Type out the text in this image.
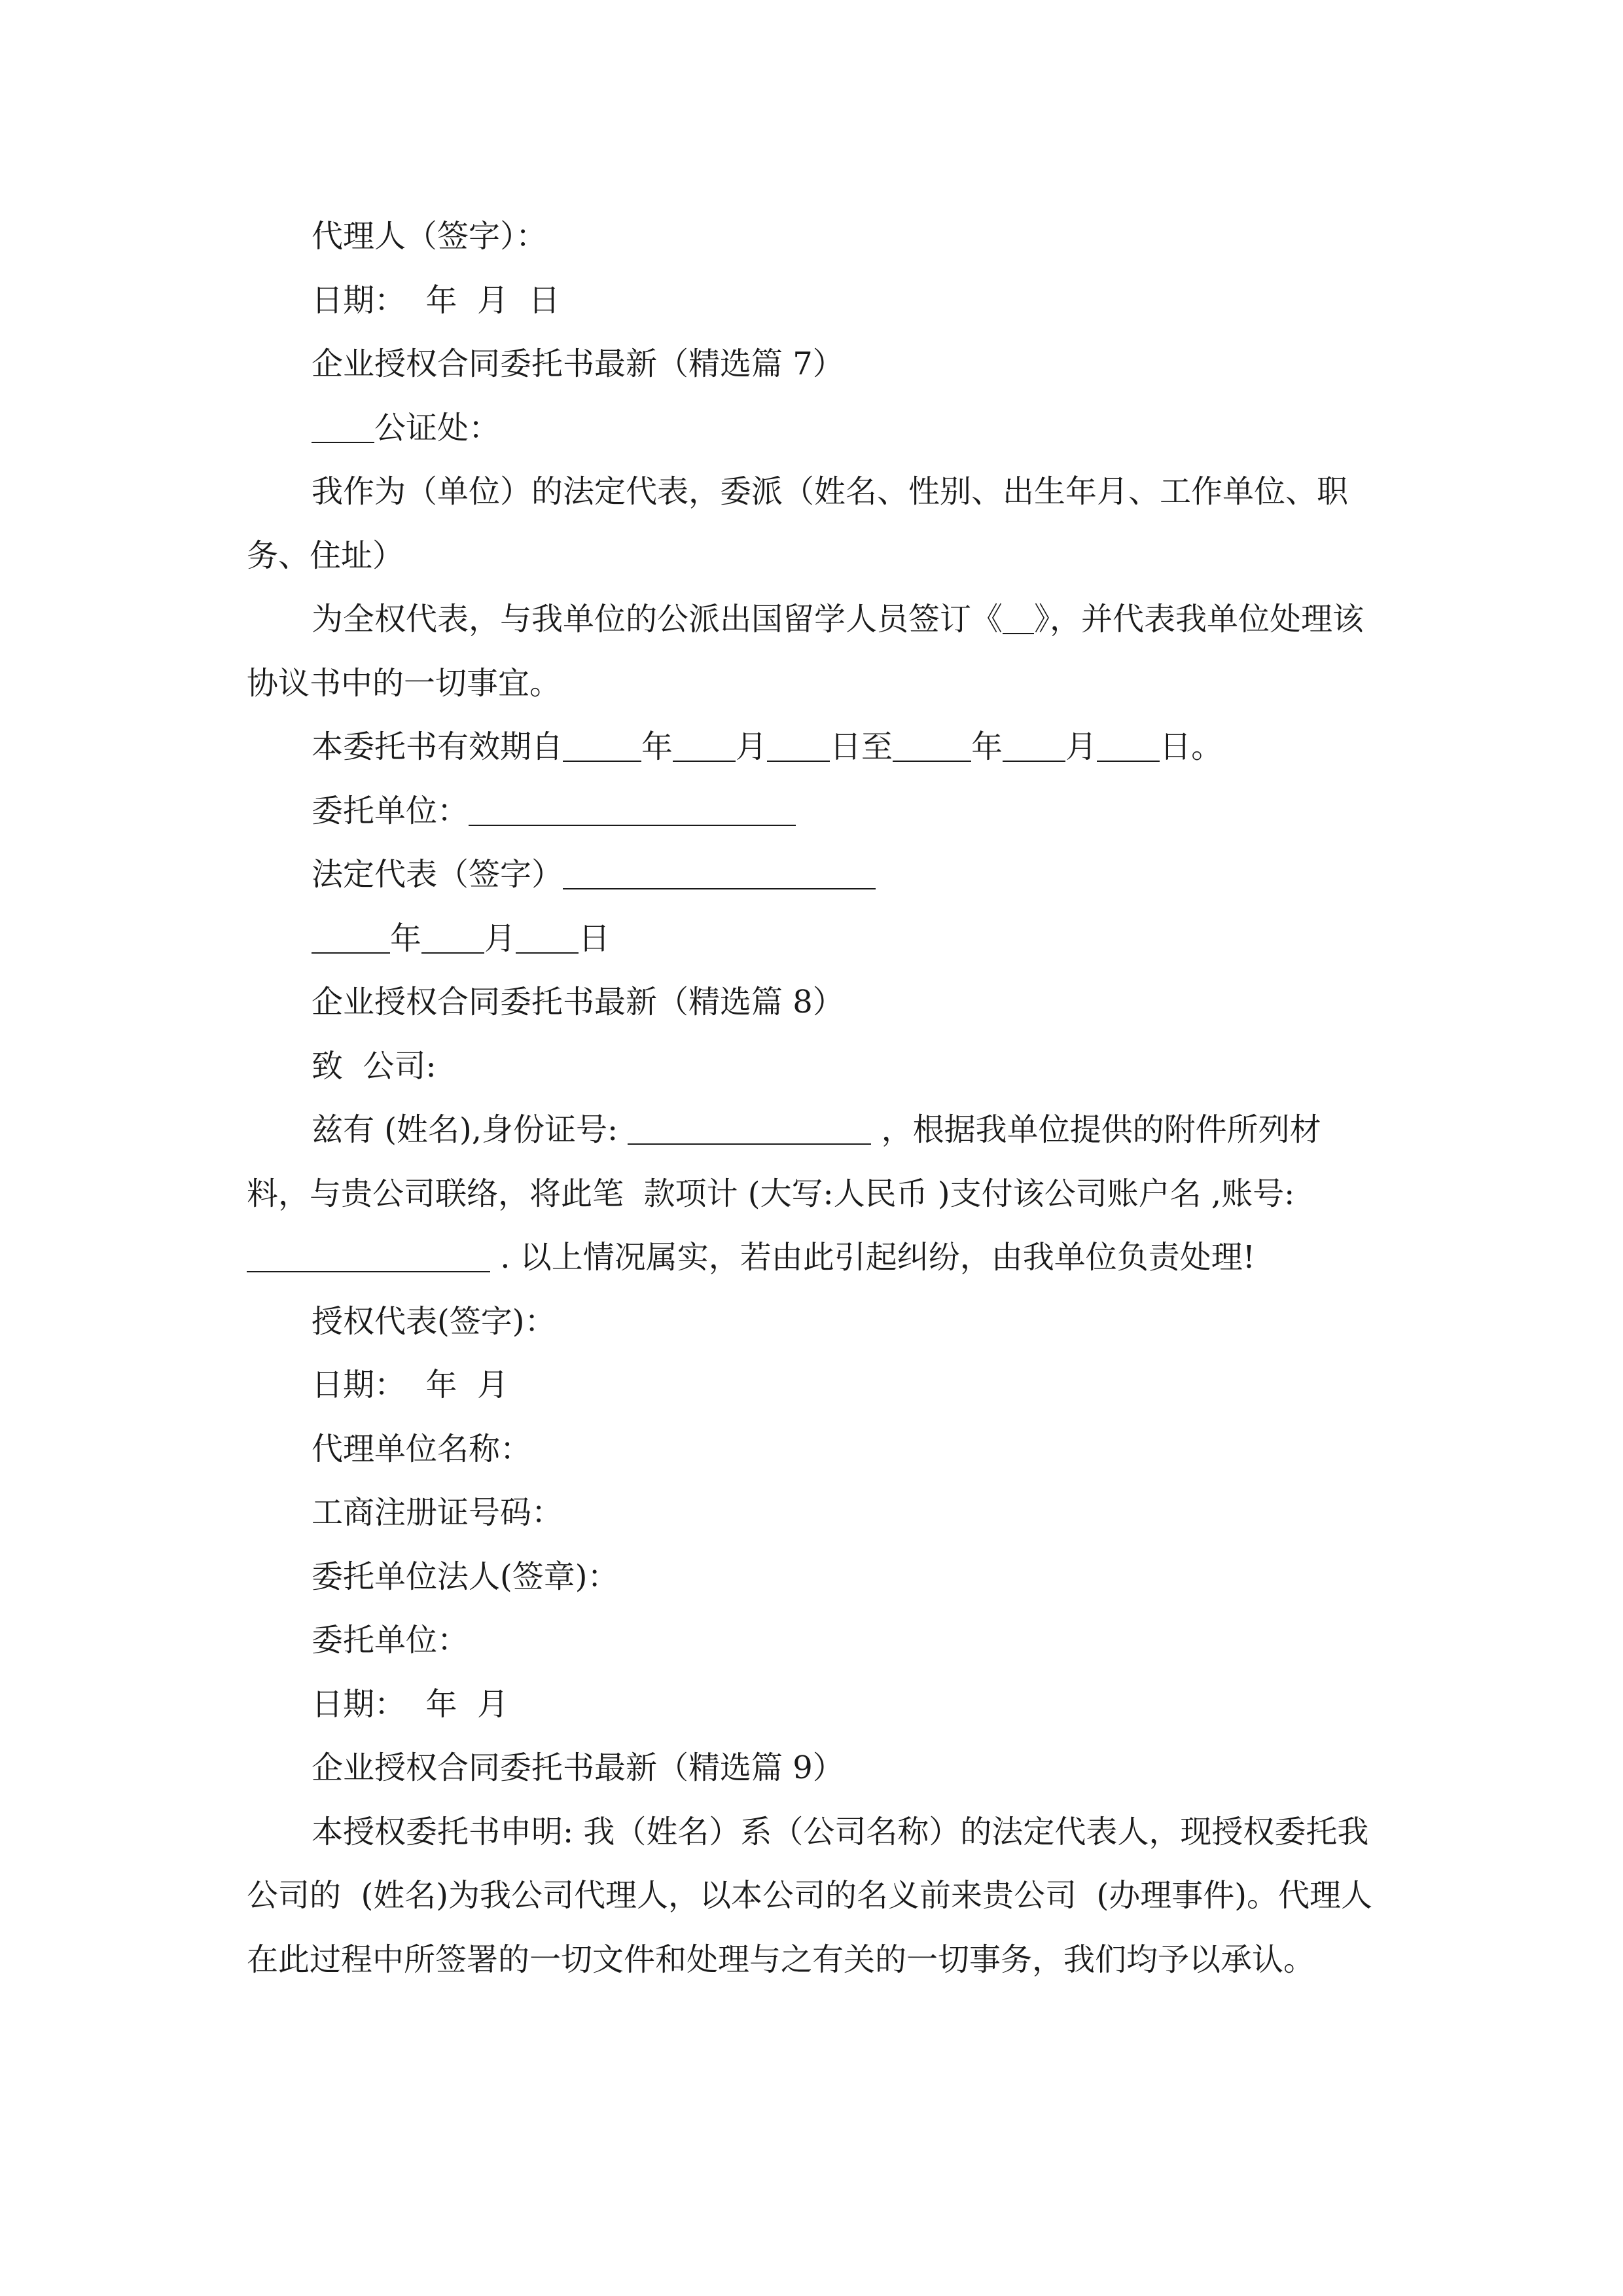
代理人（签字）：

日期：  年  月  日

企业授权合同委托书最新（精选篇 7）

公证处：

我作为（单位）的法定代表，委派（姓名、性别、出生年月、工作单位、职务、住址）

为全权代表，与我单位的公派出国留学人员签订《 》，并代表我单位处理该协议书中的一切事宜。

本委托书有效期自	年 月 日至	年 月 日。

委托单位：

法定代表（签字）

年 月 日

企业授权合同委托书最新（精选篇 8）

致  公司:

兹有 (姓名),身份证号:	，根据我单位提供的附件所列材料，与贵公司联络，将此笔  款项计 (大写:人民币 )支付该公司账户名 ,账号: . 以上情况属实，若由此引起纠纷，由我单位负责处理!

授权代表(签字)：

日期：  年  月

代理单位名称：

工商注册证号码：

委托单位法人(签章)：

委托单位：

日期：  年  月

企业授权合同委托书最新（精选篇 9）

本授权委托书申明: 我（姓名）系（公司名称）的法定代表人，现授权委托我公司的  (姓名)为我公司代理人，以本公司的名义前来贵公司  (办理事件)。代理人在此过程中所签署的一切文件和处理与之有关的一切事务，我们均予以承认。
